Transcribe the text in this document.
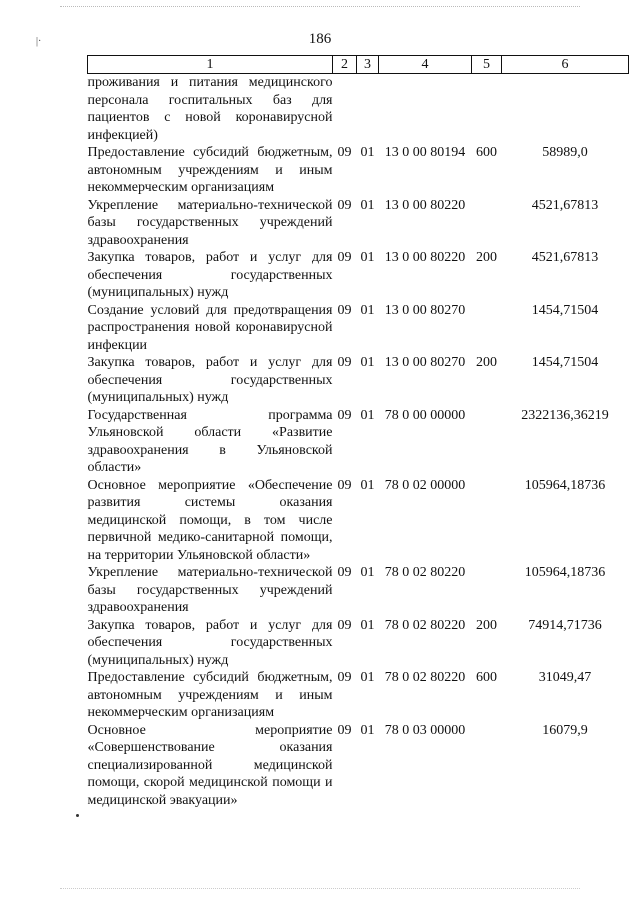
|·	186
1	2	3	4	5	6
проживания и питания медицинского персонала госпитальных баз для пациентов с новой коронавирусной инфекцией)					
Предоставление субсидий бюджетным, автономным учреждениям и иным некоммерческим организациям	09	01	13 0 00 80194	600	58989,0
Укрепление материально-технической базы государственных учреждений здравоохранения	09	01	13 0 00 80220		4521,67813
Закупка товаров, работ и услуг для обеспечения государственных (муниципальных) нужд	09	01	13 0 00 80220	200	4521,67813
Создание условий для предотвращения распространения новой коронавирусной инфекции	09	01	13 0 00 80270		1454,71504
Закупка товаров, работ и услуг для обеспечения государственных (муниципальных) нужд	09	01	13 0 00 80270	200	1454,71504
Государственная программа Ульяновской области «Развитие здравоохранения в Ульяновской области»	09	01	78 0 00 00000		2322136,36219
Основное мероприятие «Обеспечение развития системы оказания медицинской помощи, в том числе первичной медико-санитарной помощи, на территории Ульяновской области»	09	01	78 0 02 00000		105964,18736
Укрепление материально-технической базы государственных учреждений здравоохранения	09	01	78 0 02 80220		105964,18736
Закупка товаров, работ и услуг для обеспечения государственных (муниципальных) нужд	09	01	78 0 02 80220	200	74914,71736
Предоставление субсидий бюджетным, автономным учреждениям и иным некоммерческим организациям	09	01	78 0 02 80220	600	31049,47
Основное мероприятие «Совершенствование оказания специализированной медицинской помощи, скорой медицинской помощи и медицинской эвакуации»	09	01	78 0 03 00000		16079,9
